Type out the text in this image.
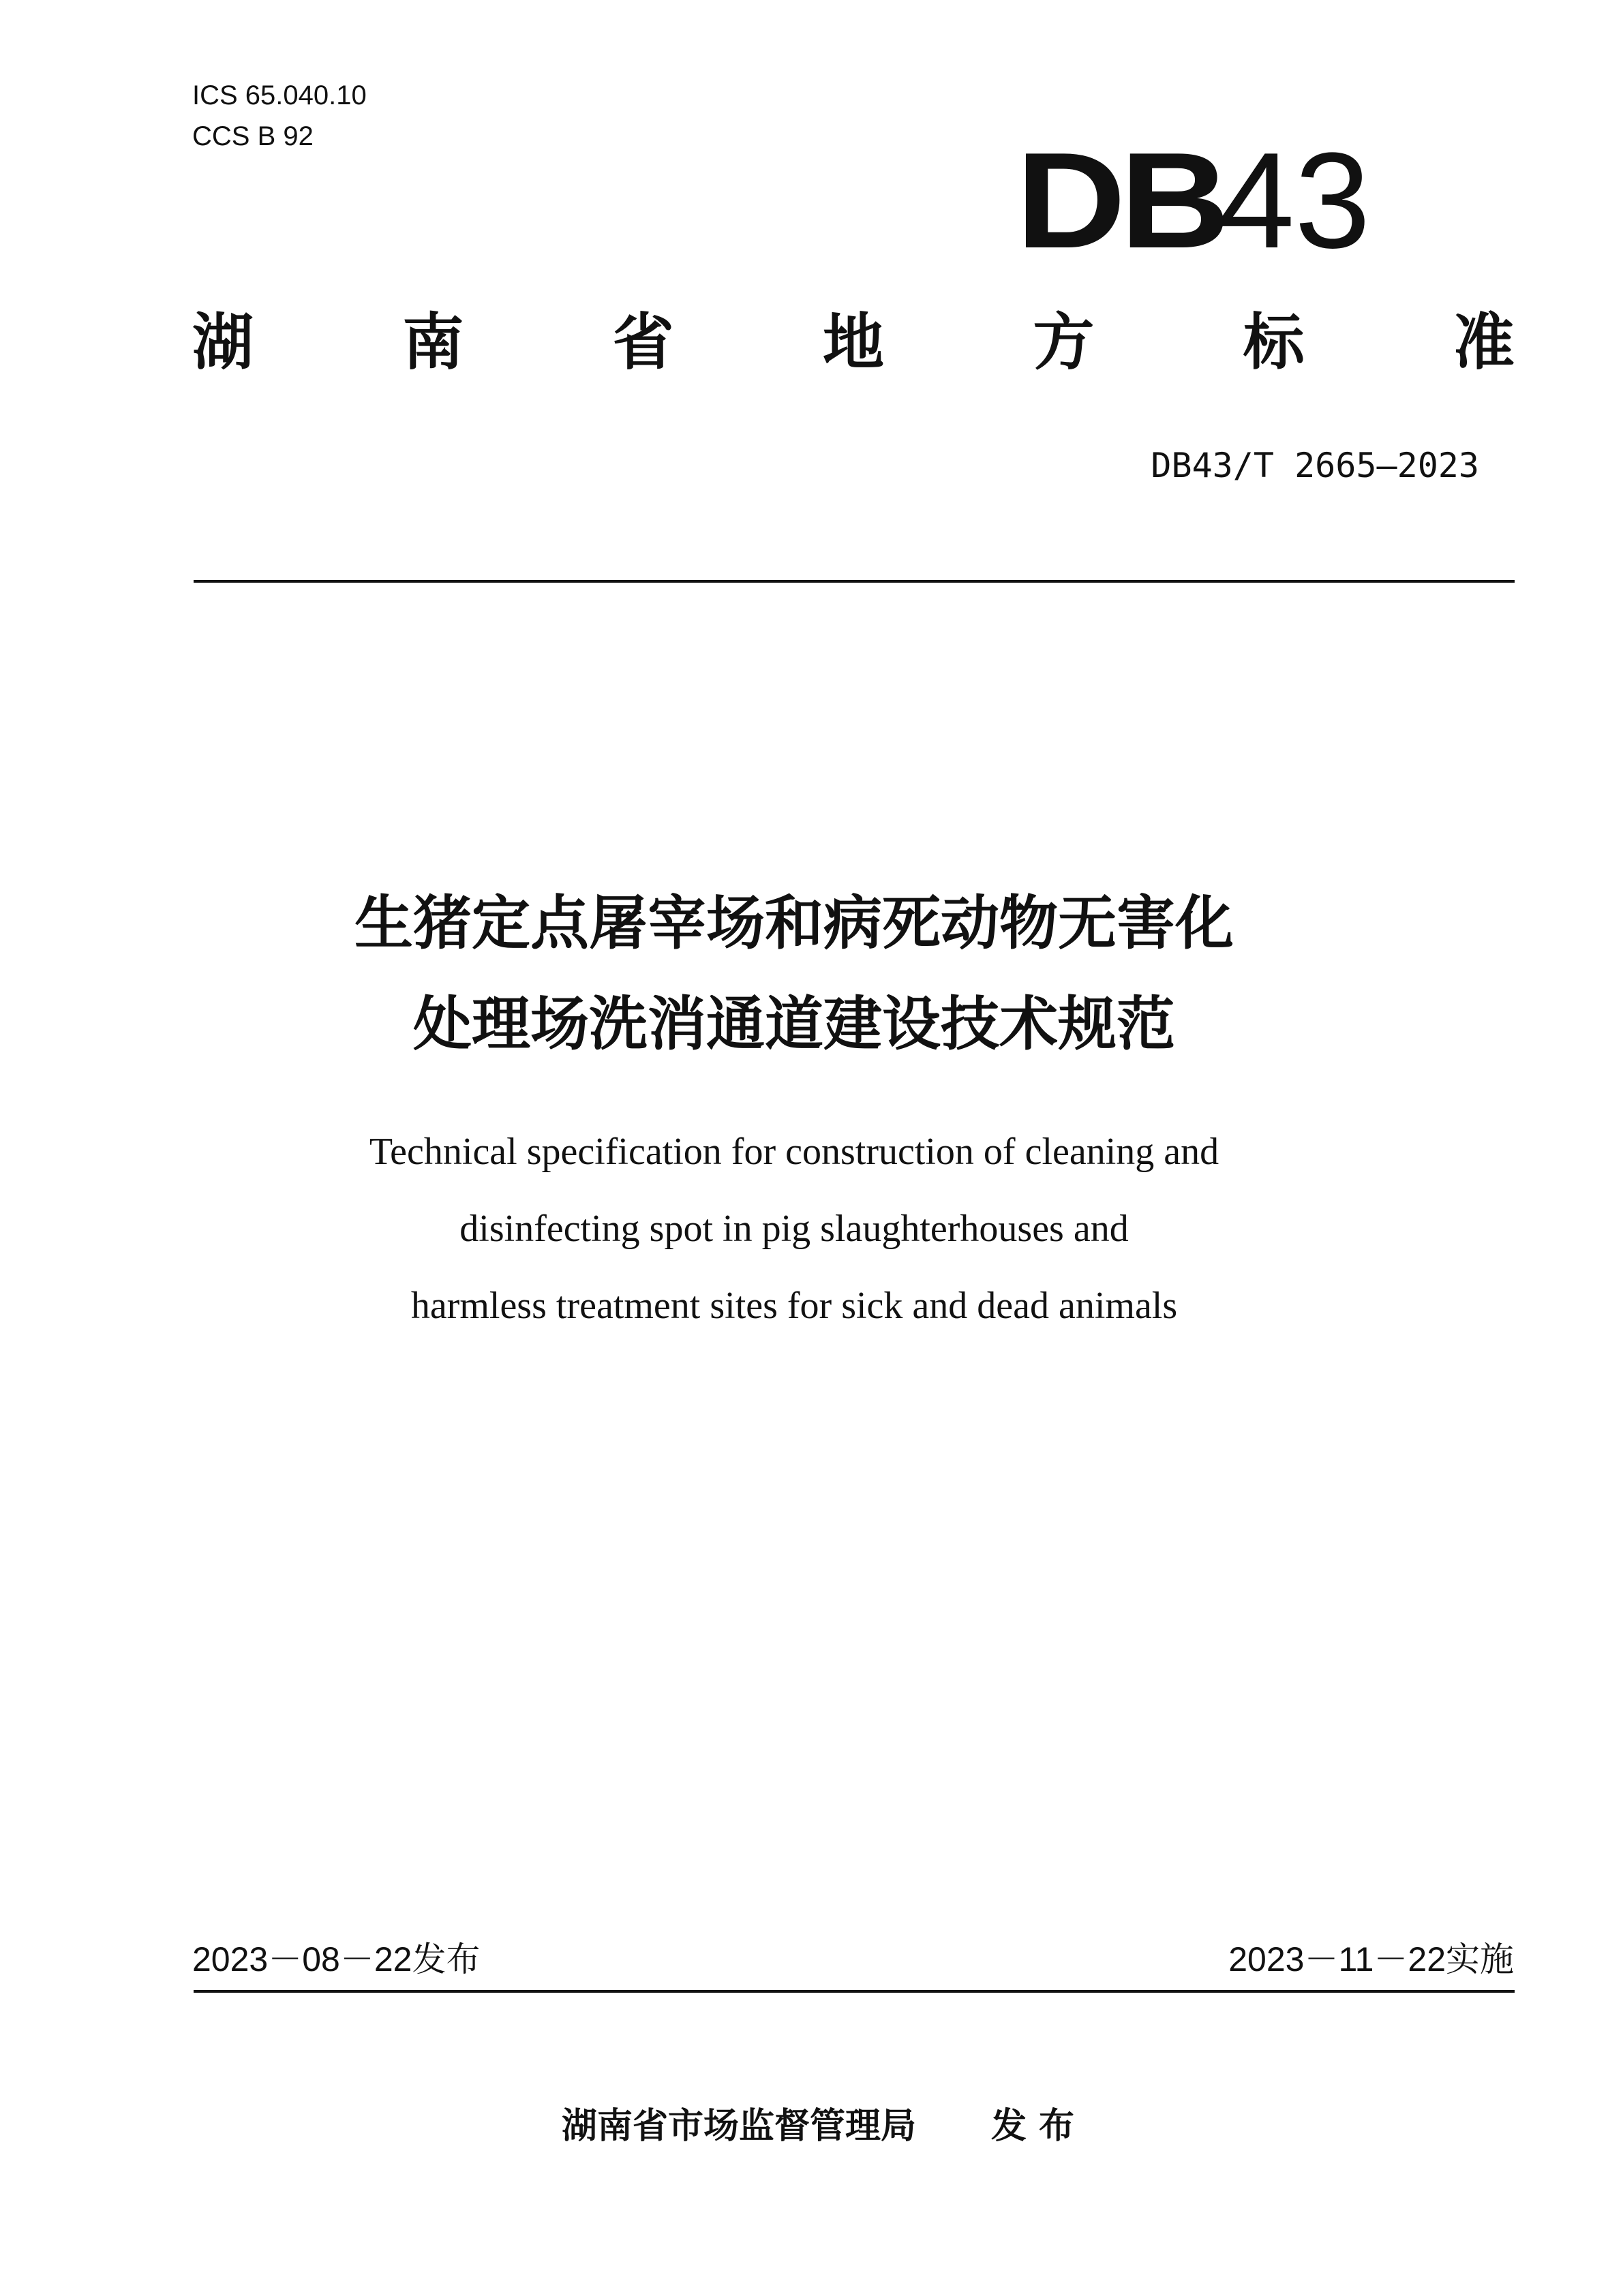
ICS 65.040.10
CCS B 92	DB
43
湖 南 省 地 方 标 准
DB43/T 2665—2023
生猪定点屠宰场和病死动物无害化
处理场洗消通道建设技术规范
Technical specification for construction of cleaning and
disinfecting spot in pig slaughterhouses and
harmless treatment sites for sick and dead animals
2023－08－22发布	2023－11－22实施
湖南省市场监督管理局 发 布
